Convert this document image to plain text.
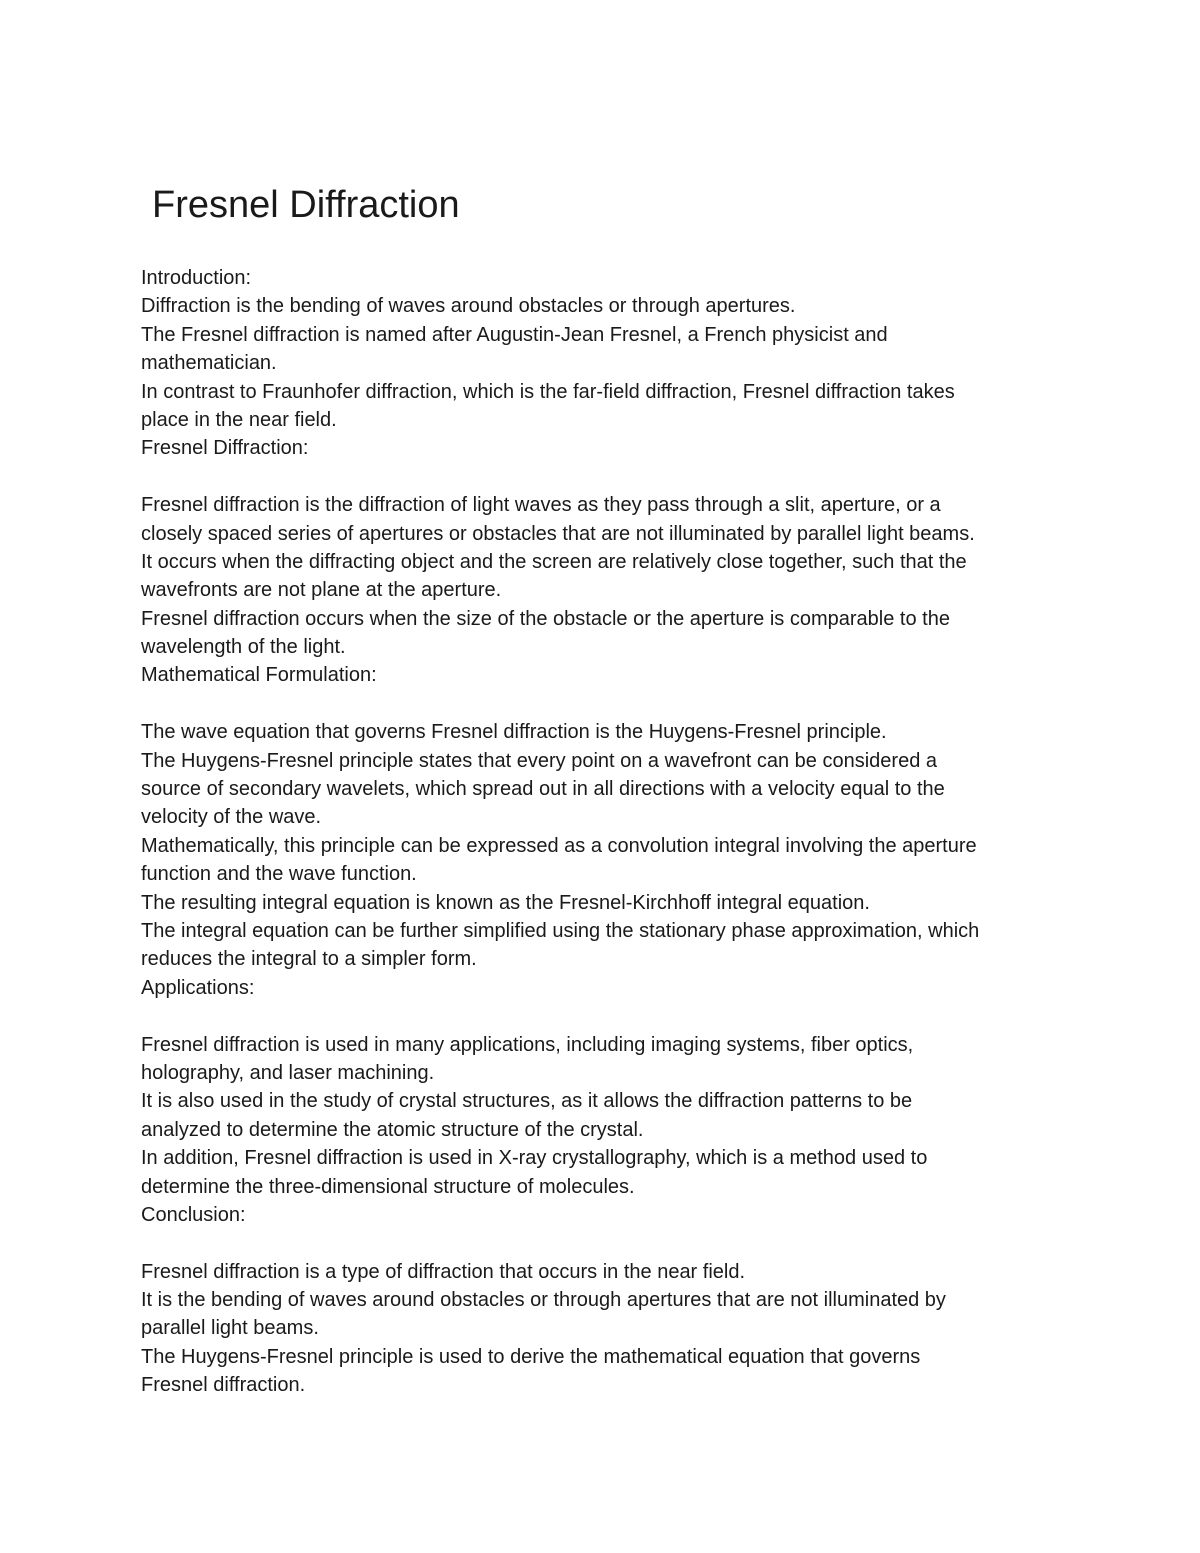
Fresnel Diffraction
Introduction:
Diffraction is the bending of waves around obstacles or through apertures.
The Fresnel diffraction is named after Augustin-Jean Fresnel, a French physicist and
mathematician.
In contrast to Fraunhofer diffraction, which is the far-field diffraction, Fresnel diffraction takes
place in the near field.
Fresnel Diffraction:
Fresnel diffraction is the diffraction of light waves as they pass through a slit, aperture, or a
closely spaced series of apertures or obstacles that are not illuminated by parallel light beams.
It occurs when the diffracting object and the screen are relatively close together, such that the
wavefronts are not plane at the aperture.
Fresnel diffraction occurs when the size of the obstacle or the aperture is comparable to the
wavelength of the light.
Mathematical Formulation:
The wave equation that governs Fresnel diffraction is the Huygens-Fresnel principle.
The Huygens-Fresnel principle states that every point on a wavefront can be considered a
source of secondary wavelets, which spread out in all directions with a velocity equal to the
velocity of the wave.
Mathematically, this principle can be expressed as a convolution integral involving the aperture
function and the wave function.
The resulting integral equation is known as the Fresnel-Kirchhoff integral equation.
The integral equation can be further simplified using the stationary phase approximation, which
reduces the integral to a simpler form.
Applications:
Fresnel diffraction is used in many applications, including imaging systems, fiber optics,
holography, and laser machining.
It is also used in the study of crystal structures, as it allows the diffraction patterns to be
analyzed to determine the atomic structure of the crystal.
In addition, Fresnel diffraction is used in X-ray crystallography, which is a method used to
determine the three-dimensional structure of molecules.
Conclusion:
Fresnel diffraction is a type of diffraction that occurs in the near field.
It is the bending of waves around obstacles or through apertures that are not illuminated by
parallel light beams.
The Huygens-Fresnel principle is used to derive the mathematical equation that governs
Fresnel diffraction.
